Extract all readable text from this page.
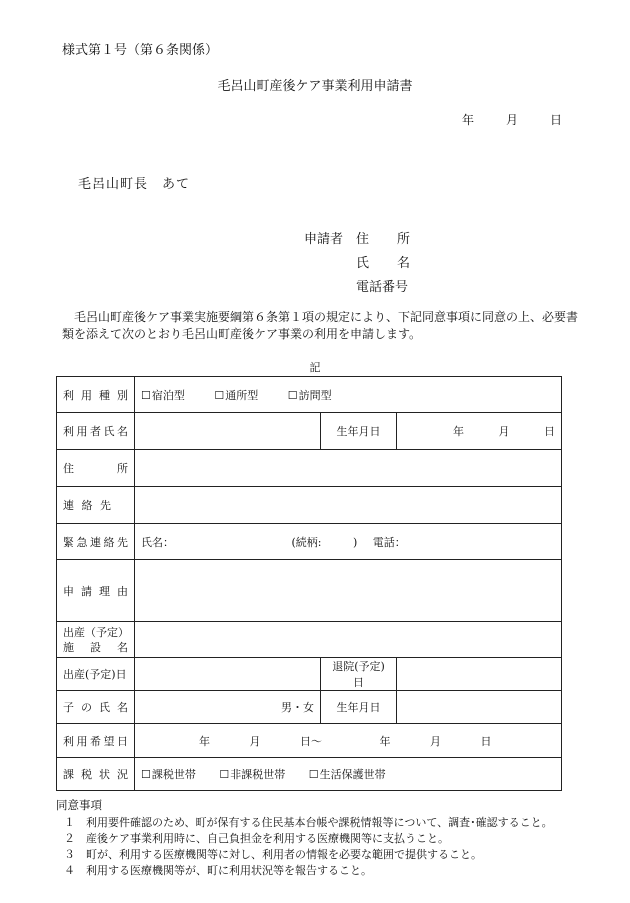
様式第１号（第６条関係）
毛呂山町産後ケア事業利用申請書
年	月	日
毛呂山町長　あて
申請者 住 所
氏 名
電話番号
毛呂山町産後ケア事業実施要綱第６条第１項の規定により、下記同意事項に同意の上、必要書類を添えて次のとおり毛呂山町産後ケア事業の利用を申請します。
記
利 用 種 別	☐ 宿泊型 ☐ 通所型 ☐ 訪問型

利 用 者 氏 名		生年月日	年 月 日

住 所			

連 絡 先			

緊 急 連 絡 先	氏名： (続柄: ) 電話：		

申 請 理 由			

出産（予定）
施 設 名			

出産(予定)日		退院(予定)日	

子 の 氏 名	男・女	生年月日	

利 用 希 望 日	年 月 日〜 年 月 日		

課 税 状 況	☐ 課税世帯 ☐ 非課税世帯 ☐ 生活保護世帯
同意事項
１　利用要件確認のため、町が保有する住民基本台帳や課税情報等について、調査･確認すること。
２　産後ケア事業利用時に、自己負担金を利用する医療機関等に支払うこと。
３　町が、利用する医療機関等に対し、利用者の情報を必要な範囲で提供すること。
４　利用する医療機関等が、町に利用状況等を報告すること。
